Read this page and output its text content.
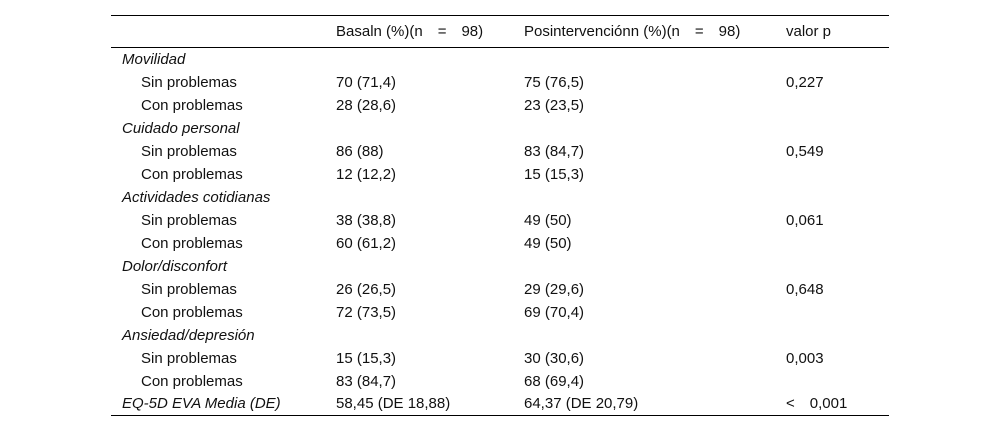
	Basaln (%)(n = 98)	Posintervenciónn (%)(n = 98)	valor p
Movilidad			
Sin problemas	70 (71,4)	75 (76,5)	0,227
Con problemas	28 (28,6)	23 (23,5)	
Cuidado personal			
Sin problemas	86 (88)	83 (84,7)	0,549
Con problemas	12 (12,2)	15 (15,3)	
Actividades cotidianas			
Sin problemas	38 (38,8)	49 (50)	0,061
Con problemas	60 (61,2)	49 (50)	
Dolor/disconfort			
Sin problemas	26 (26,5)	29 (29,6)	0,648
Con problemas	72 (73,5)	69 (70,4)	
Ansiedad/depresión			
Sin problemas	15 (15,3)	30 (30,6)	0,003
Con problemas	83 (84,7)	68 (69,4)	
EQ-5D EVA Media (DE)	58,45 (DE 18,88)	64,37 (DE 20,79)	< 0,001
